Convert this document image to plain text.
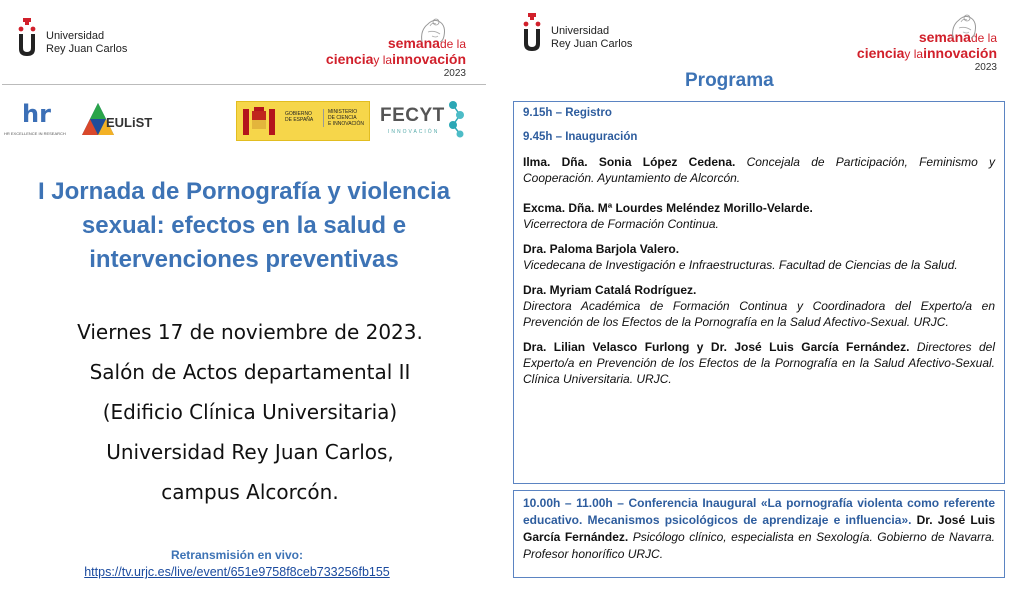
Universidad
Rey Juan Carlos	semanade la
cienciay lainnovación
2023
hr
HR EXCELLENCE IN RESEARCH
EULiST
GOBIERNO
DE ESPAÑA
MINISTERIO
DE CIENCIA
E INNOVACIÓN FECYT
INNOVACIÓN
I Jornada de Pornografía y violencia
sexual: efectos en la salud e
intervenciones preventivas
Viernes 17 de noviembre de 2023.
Salón de Actos departamental II
(Edificio Clínica Universitaria)
Universidad Rey Juan Carlos,
campus Alcorcón.
Retransmisión en vivo:
https://tv.urjc.es/live/event/651e9758f8ceb733256fb155
Universidad
Rey Juan Carlos	semanade la
cienciay lainnovación
2023
Programa
9.15h – Registro
9.45h – Inauguración
Ilma. Dña. Sonia López Cedena. Concejala de Participación, Feminismo y Cooperación. Ayuntamiento de Alcorcón.
Excma. Dña. Mª Lourdes Meléndez Morillo-Velarde.
Vicerrectora de Formación Continua.
Dra. Paloma Barjola Valero.
Vicedecana de Investigación e Infraestructuras. Facultad de Ciencias de la Salud.
Dra. Myriam Catalá Rodríguez.
Directora Académica de Formación Continua y Coordinadora del Experto/a en Prevención de los Efectos de la Pornografía en la Salud Afectivo-Sexual. URJC.
Dra. Lilian Velasco Furlong y Dr. José Luis García Fernández. Directores del Experto/a en Prevención de los Efectos de la Pornografía en la Salud Afectivo-Sexual. Clínica Universitaria. URJC.
10.00h – 11.00h – Conferencia Inaugural «La pornografía violenta como referente educativo. Mecanismos psicológicos de aprendizaje e influencia». Dr. José Luis García Fernández. Psicólogo clínico, especialista en Sexología. Gobierno de Navarra. Profesor honorífico URJC.
